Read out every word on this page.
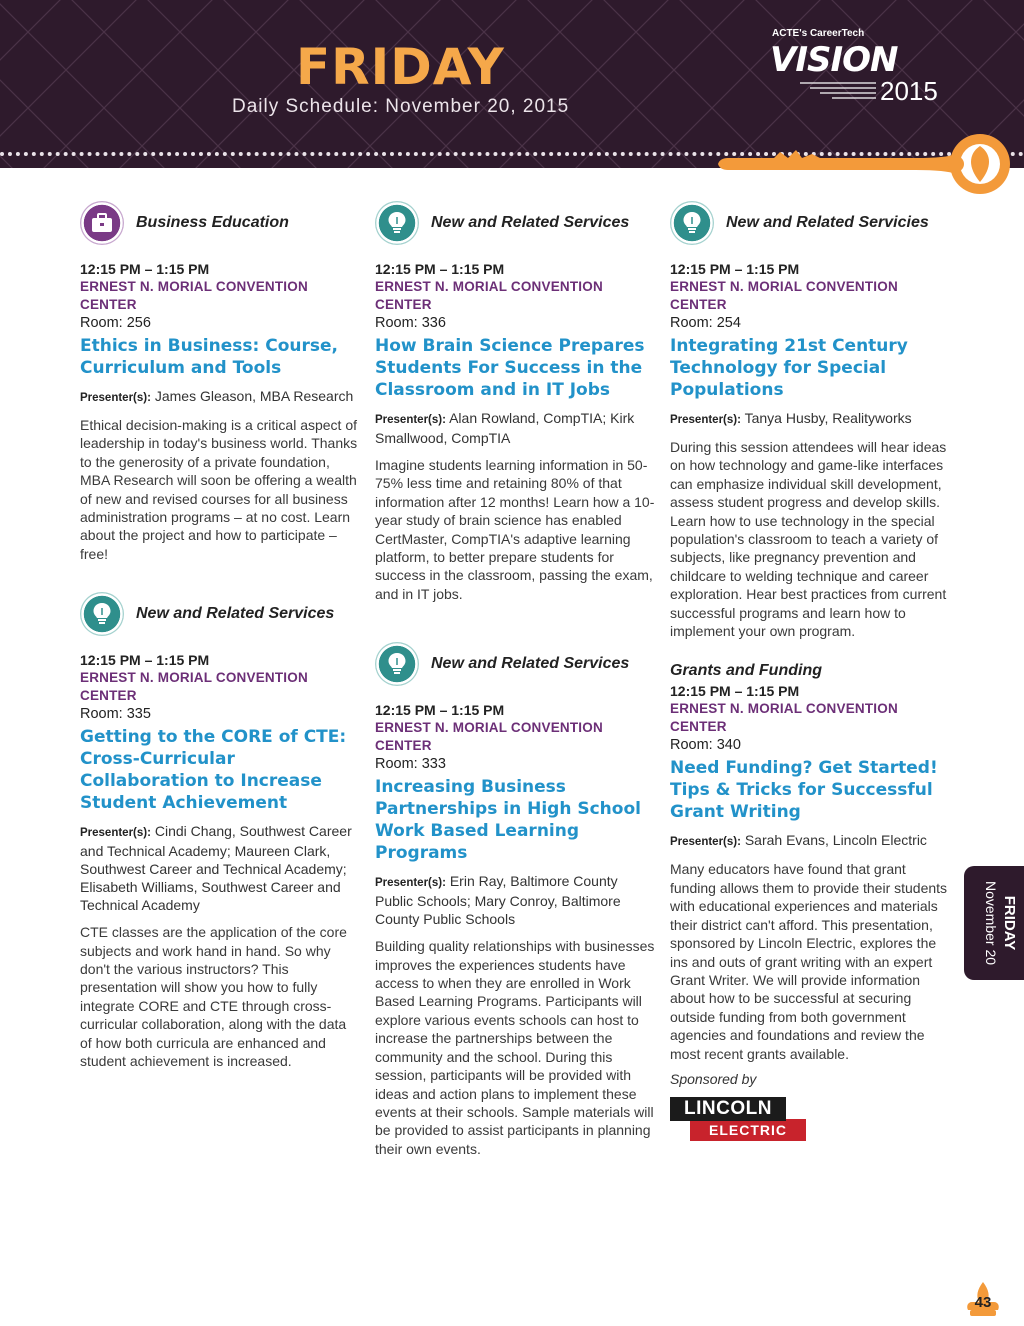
FRIDAY
Daily Schedule: November 20, 2015
ACTE's CareerTech
VISION
2015
Business Education
12:15 PM – 1:15 PM
ERNEST N. MORIAL CONVENTION CENTER
Room: 256
Ethics in Business: Course, Curriculum and Tools
Presenter(s): James Gleason, MBA Research
Ethical decision-making is a critical aspect of leadership in today's business world. Thanks to the generosity of a private foundation, MBA Research will soon be offering a wealth of new and revised courses for all business administration programs – at no cost. Learn about the project and how to participate – free!
New and Related Services
12:15 PM – 1:15 PM
ERNEST N. MORIAL CONVENTION CENTER
Room: 335
Getting to the CORE of CTE: Cross-Curricular Collaboration to Increase Student Achievement
Presenter(s): Cindi Chang, Southwest Career and Technical Academy; Maureen Clark, Southwest Career and Technical Academy; Elisabeth Williams, Southwest Career and Technical Academy
CTE classes are the application of the core subjects and work hand in hand. So why don't the various instructors? This presentation will show you how to fully integrate CORE and CTE through cross-curricular collaboration, along with the data of how both curricula are enhanced and student achievement is increased.
New and Related Services
12:15 PM – 1:15 PM
ERNEST N. MORIAL CONVENTION CENTER
Room: 336
How Brain Science Prepares Students For Success in the Classroom and in IT Jobs
Presenter(s): Alan Rowland, CompTIA; Kirk Smallwood, CompTIA
Imagine students learning information in 50-75% less time and retaining 80% of that information after 12 months! Learn how a 10-year study of brain science has enabled CertMaster, CompTIA's adaptive learning platform, to better prepare students for success in the classroom, passing the exam, and in IT jobs.
New and Related Services
12:15 PM – 1:15 PM
ERNEST N. MORIAL CONVENTION CENTER
Room: 333
Increasing Business Partnerships in High School Work Based Learning Programs
Presenter(s): Erin Ray, Baltimore County Public Schools; Mary Conroy, Baltimore County Public Schools
Building quality relationships with businesses improves the experiences students have access to when they are enrolled in Work Based Learning Programs. Participants will explore various events schools can host to increase the partnerships between the community and the school. During this session, participants will be provided with ideas and action plans to implement these events at their schools. Sample materials will be provided to assist participants in planning their own events.
New and Related Servicies
12:15 PM – 1:15 PM
ERNEST N. MORIAL CONVENTION CENTER
Room: 254
Integrating 21st Century Technology for Special Populations
Presenter(s): Tanya Husby, Realityworks
During this session attendees will hear ideas on how technology and game-like interfaces can emphasize individual skill development, assess student progress and develop skills. Learn how to use technology in the special population's classroom to teach a variety of subjects, like pregnancy prevention and childcare to welding technique and career exploration. Hear best practices from current successful programs and learn how to implement your own program.
Grants and Funding
12:15 PM – 1:15 PM
ERNEST N. MORIAL CONVENTION CENTER
Room: 340
Need Funding? Get Started! Tips & Tricks for Successful Grant Writing
Presenter(s): Sarah Evans, Lincoln Electric
Many educators have found that grant funding allows them to provide their students with educational experiences and materials their district can't afford. This presentation, sponsored by Lincoln Electric, explores the ins and outs of grant writing with an expert Grant Writer. We will provide information about how to be successful at securing outside funding from both government agencies and foundations and review the most recent grants available.
Sponsored by
ELECTRIC
LINCOLN
FRIDAY
November 20
43
